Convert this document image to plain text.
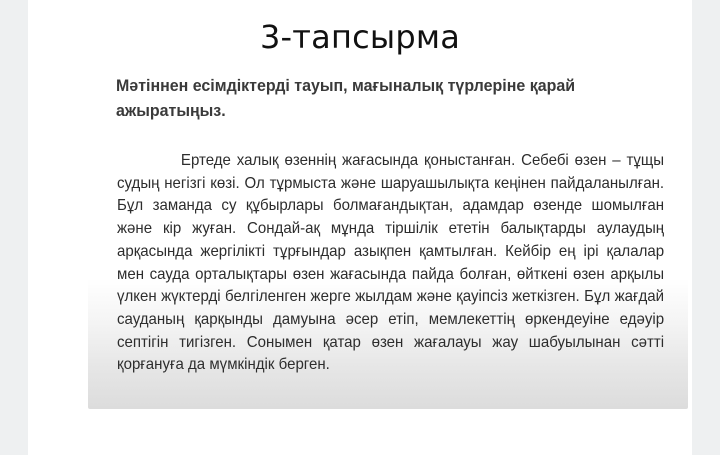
3-тапсырма
Мәтіннен есімдіктерді тауып, мағыналық түрлеріне қарай ажыратыңыз.
Ертеде халық өзеннің жағасында қоныстанған. Себебі өзен – тұщы судың негізгі көзі. Ол тұрмыста және шаруашылықта кеңінен пайдаланылған. Бұл заманда су құбырлары болмағандықтан, адамдар өзенде шомылған және кір жуған. Сондай-ақ мұнда тіршілік ететін балықтарды аулаудың арқасында жергілікті тұрғындар азықпен қамтылған. Кейбір ең ірі қалалар мен сауда орталықтары өзен жағасында пайда болған, өйткені өзен арқылы үлкен жүктерді белгіленген жерге жылдам және қауіпсіз жеткізген. Бұл жағдай сауданың қарқынды дамуына әсер етіп, мемлекеттің өркендеуіне едәуір септігін тигізген. Сонымен қатар өзен жағалауы жау шабуылынан сәтті қорғануға да мүмкіндік берген.
